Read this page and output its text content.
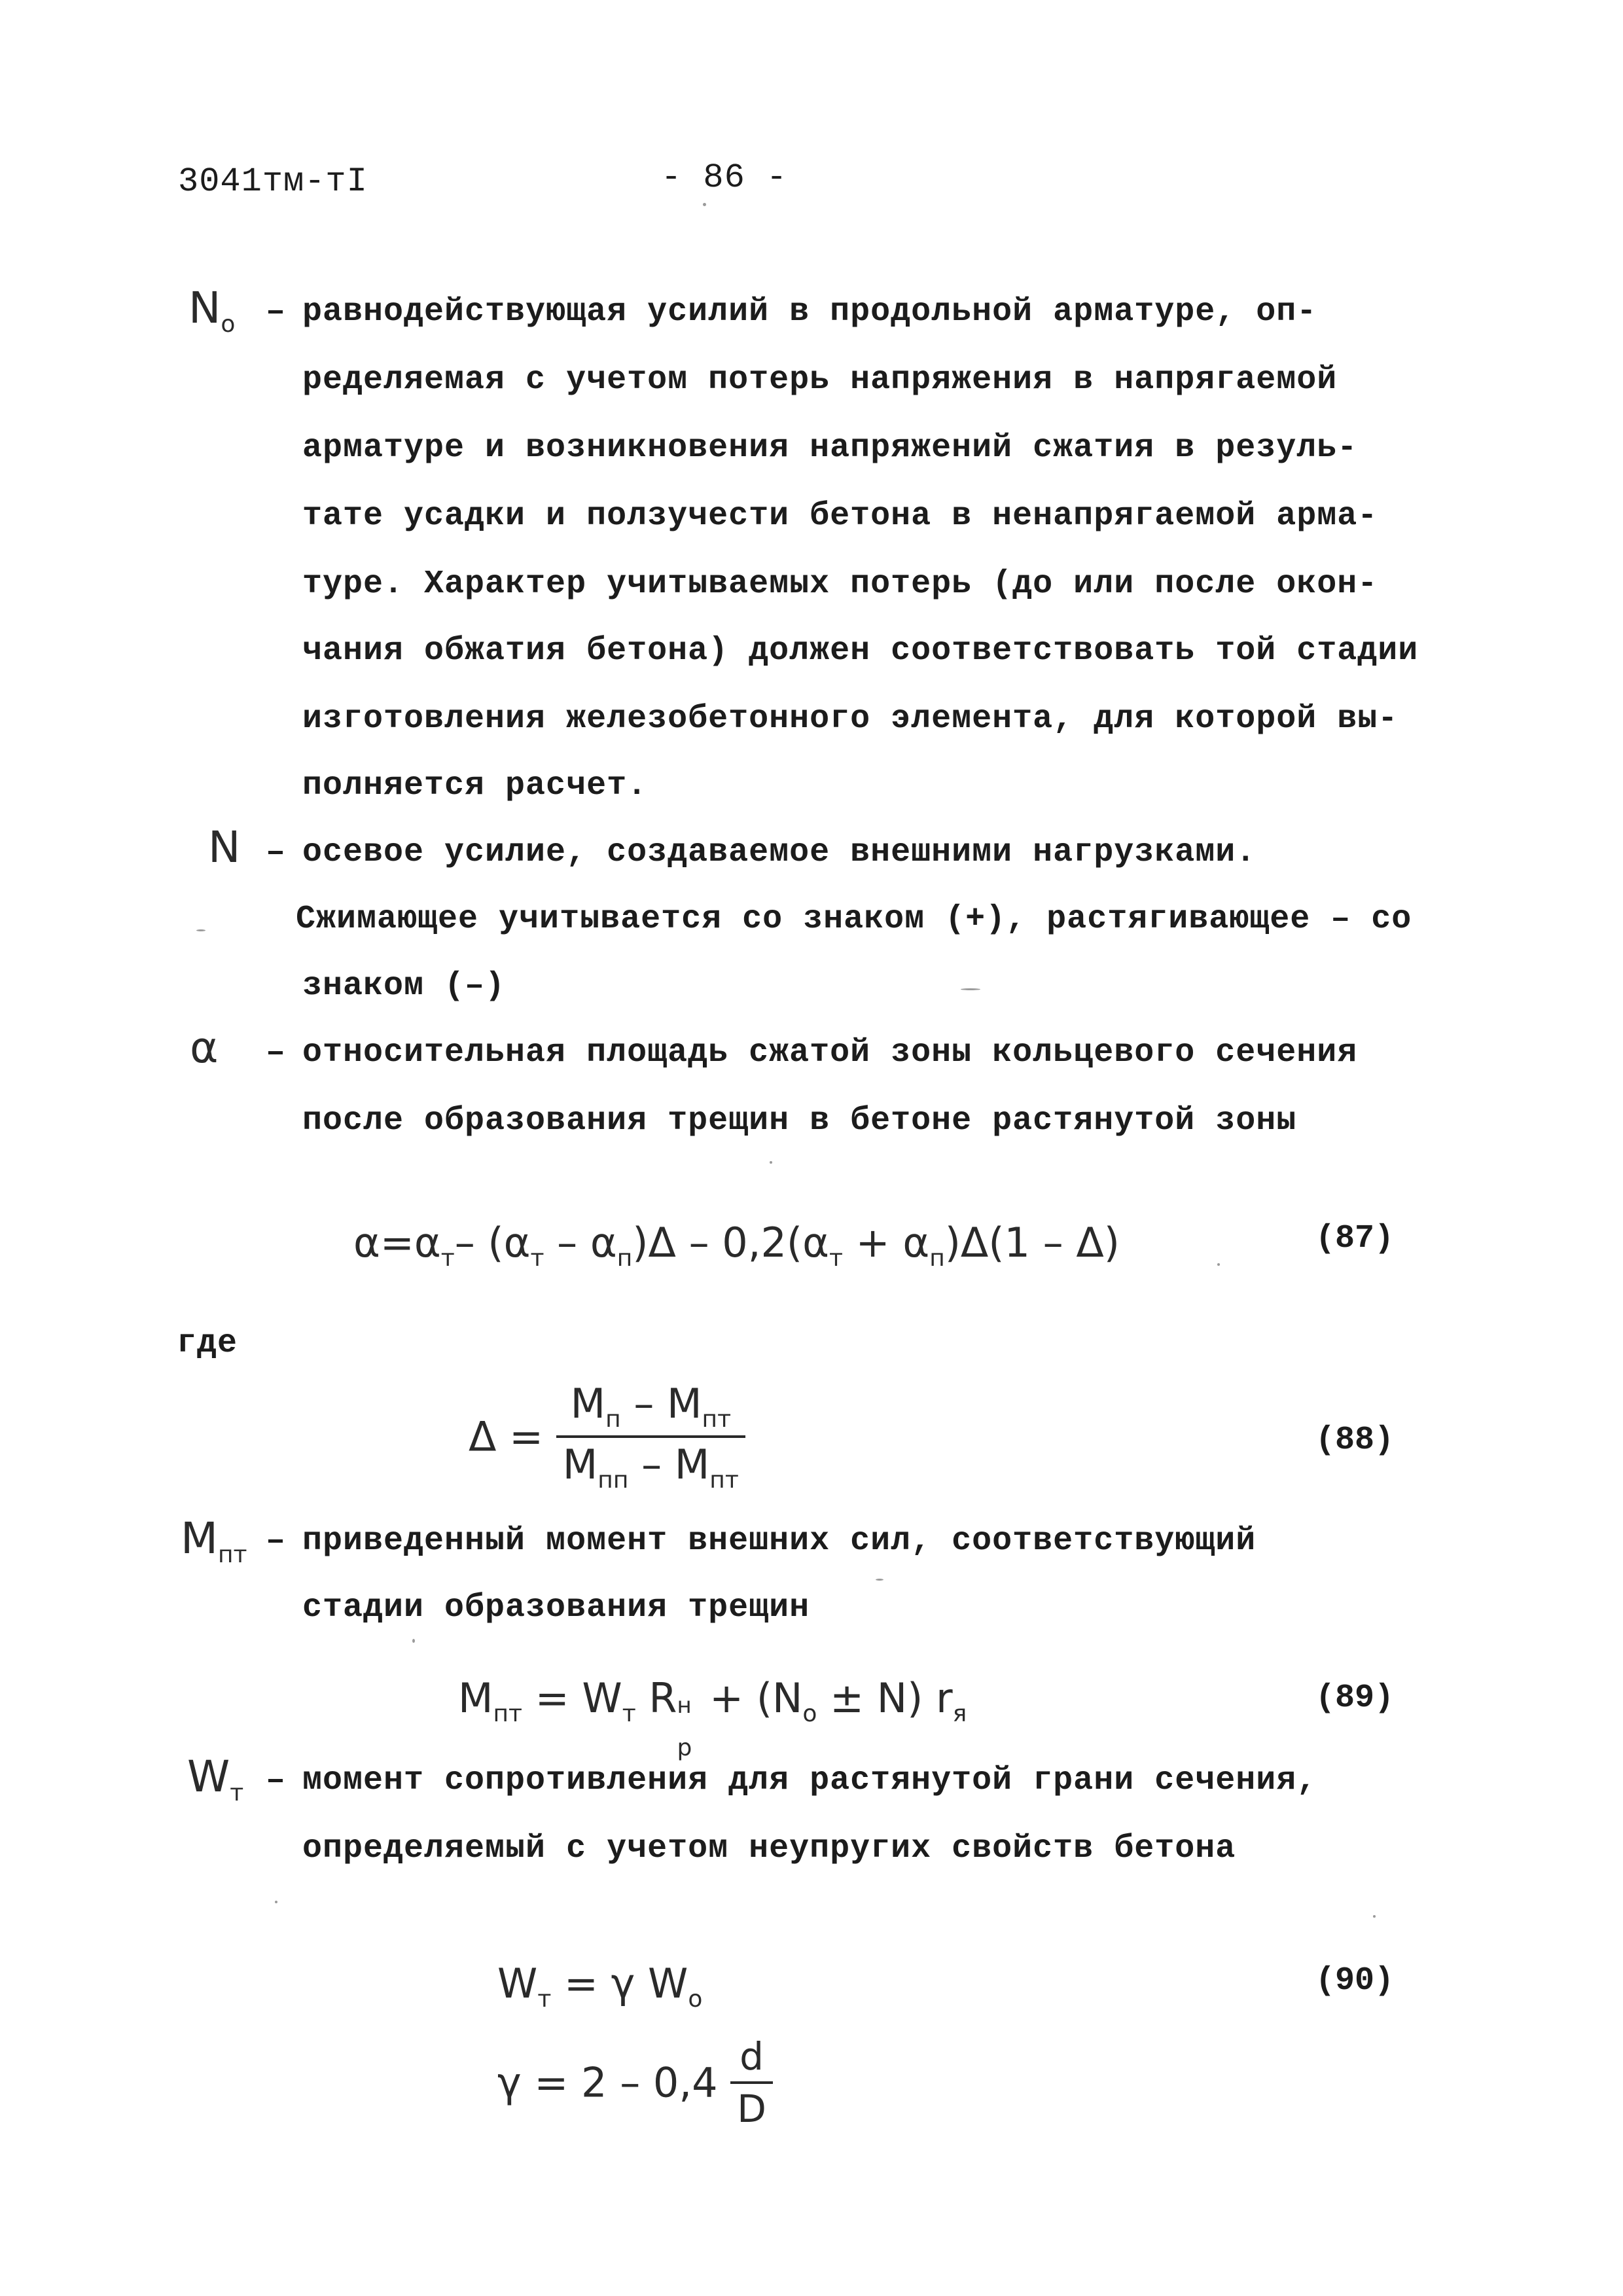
3041тм-тI	- 86 -
$N_o$ – равнодействующая усилий в продольной арматуре, оп-
ределяемая с учетом потерь напряжения в напрягаемой
арматуре и возникновения напряжений сжатия в резуль-
тате усадки и ползучести бетона в ненапрягаемой арма-
туре. Характер учитываемых потерь (до или после окон-
чания обжатия бетона) должен соответствовать той стадии
изготовления железобетонного элемента, для которой вы-
полняется расчет.
N – осевое усилие, создаваемое внешними нагрузками.
Сжимающее учитывается со знаком (+), растягивающее – со
знаком (–)
α – относительная площадь сжатой зоны кольцевого сечения
после образования трещин в бетоне растянутой зоны
$\alpha=\alpha_т-$ $(\alpha_т - \alpha_п)\Delta - 0,2(\alpha_т + \alpha_п)\Delta(1 - \Delta)$	(87)
где
$\Delta = \frac{M_п - M_{пт}}{M_{пп} - M_{пт}}$	(88)
$M_{пт}$ – приведенный момент внешних сил, соответствующий
стадии образования трещин
$M_{пт} = W_т$ R н
р
+ $(N_o \pm N)$ $r_я$	(89)
$W_т$ – момент сопротивления для растянутой грани сечения,
определяемый с учетом неупругих свойств бетона
$W_т = \gamma$ $W_o$	(90)
$\gamma = 2 - 0,4 \frac{d}{D}$
